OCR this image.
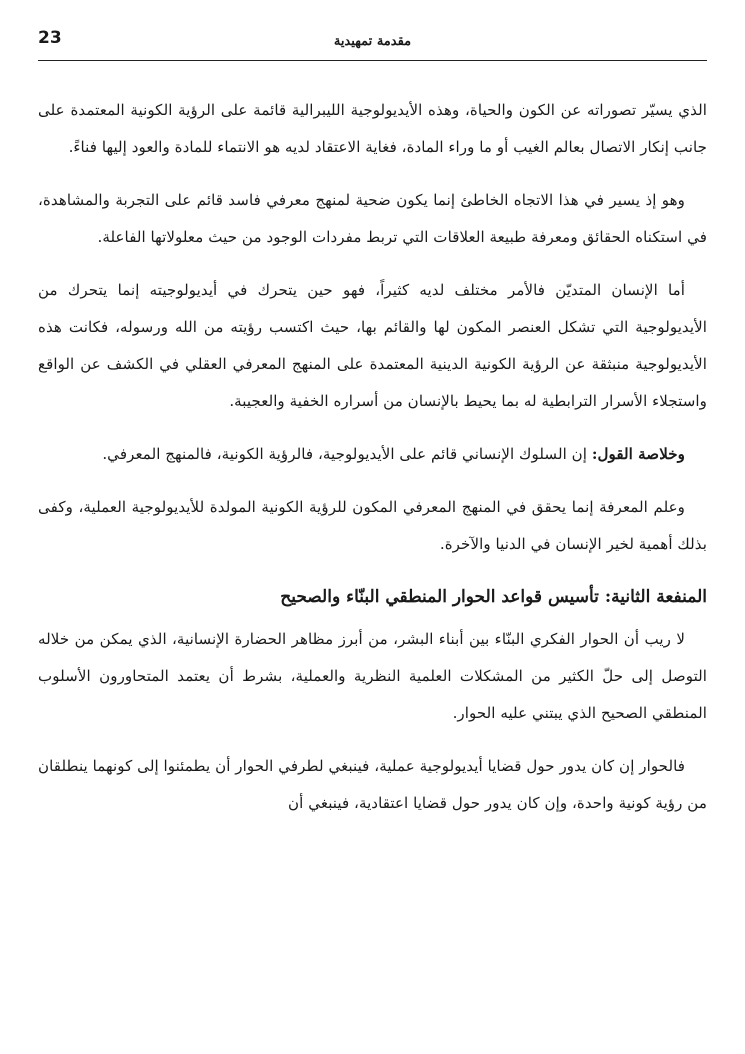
23	مقدمة تمهيدية

الذي يسيّر تصوراته عن الكون والحياة، وهذه الأيديولوجية الليبرالية قائمة على الرؤية الكونية المعتمدة على جانب إنكار الاتصال بعالم الغيب أو ما وراء المادة، فغاية الاعتقاد لديه هو الانتماء للمادة والعود إليها فناءً.

وهو إذ يسير في هذا الاتجاه الخاطئ إنما يكون ضحية لمنهج معرفي فاسد قائم على التجربة والمشاهدة، في استكناه الحقائق ومعرفة طبيعة العلاقات التي تربط مفردات الوجود من حيث معلولاتها الفاعلة.

أما الإنسان المتديّن فالأمر مختلف لديه كثيراً، فهو حين يتحرك في أيديولوجيته إنما يتحرك من الأيديولوجية التي تشكل العنصر المكون لها والقائم بها، حيث اكتسب رؤيته من الله ورسوله، فكانت هذه الأيديولوجية منبثقة عن الرؤية الكونية الدينية المعتمدة على المنهج المعرفي العقلي في الكشف عن الواقع واستجلاء الأسرار الترابطية له بما يحيط بالإنسان من أسراره الخفية والعجيبة.

وخلاصة القول: إن السلوك الإنساني قائم على الأيديولوجية، فالرؤية الكونية، فالمنهج المعرفي.

وعلم المعرفة إنما يحقق في المنهج المعرفي المكون للرؤية الكونية المولدة للأيديولوجية العملية، وكفى بذلك أهمية لخير الإنسان في الدنيا والآخرة.

المنفعة الثانية: تأسيس قواعد الحوار المنطقي البنّاء والصحيح

لا ريب أن الحوار الفكري البنّاء بين أبناء البشر، من أبرز مظاهر الحضارة الإنسانية، الذي يمكن من خلاله التوصل إلى حلّ الكثير من المشكلات العلمية النظرية والعملية، بشرط أن يعتمد المتحاورون الأسلوب المنطقي الصحيح الذي يبتني عليه الحوار.

فالحوار إن كان يدور حول قضايا أيديولوجية عملية، فينبغي لطرفي الحوار أن يطمئنوا إلى كونهما ينطلقان من رؤية كونية واحدة، وإن كان يدور حول قضايا اعتقادية، فينبغي أن
